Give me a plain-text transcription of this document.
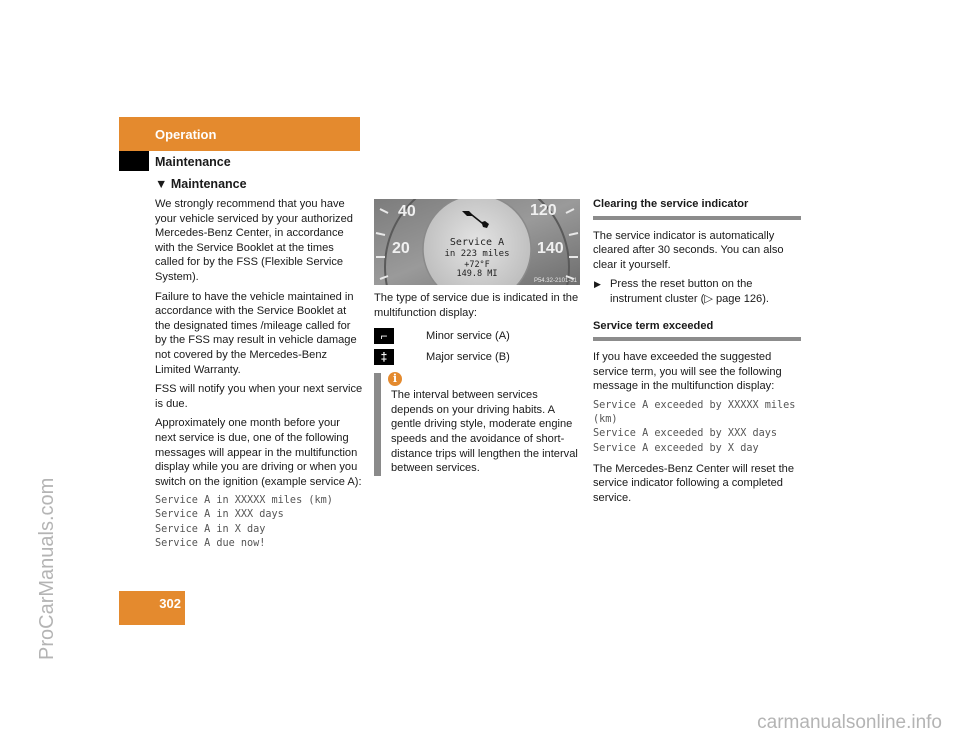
ProCarManuals.com
carmanualsonline.info
Operation
Maintenance
▼ Maintenance

We strongly recommend that you have your vehicle serviced by your authorized Mercedes-Benz Center, in accordance with the Service Booklet at the times called for by the FSS (Flexible Service System).

Failure to have the vehicle maintained in accordance with the Service Booklet at the designated times /mileage called for by the FSS may result in vehicle damage not covered by the Mercedes-Benz Limited Warranty.

FSS will notify you when your next service is due.

Approximately one month before your next service is due, one of the following messages will appear in the multifunction display while you are driving or when you switch on the ignition (example service A):

Service A in XXXXX miles (km)
Service A in XXX days
Service A in X day
Service A due now!
40	120
20	140
Service A
in 223 miles
+72°F
149.8 MI
P54.32-2101-31

The type of service due is indicated in the multifunction display:

⌐	Minor service (A)
‡	Major service (B)
i
The interval between services depends on your driving habits. A gentle driving style, moderate engine speeds and the avoidance of short-distance trips will lengthen the interval between services.
Clearing the service indicator

The service indicator is automatically cleared after 30 seconds. You can also clear it yourself.

▶ Press the reset button on the instrument cluster (▷ page 126).
Service term exceeded

If you have exceeded the suggested service term, you will see the following message in the multifunction display:

Service A exceeded by XXXXX miles (km)
Service A exceeded by XXX days
Service A exceeded by X day

The Mercedes-Benz Center will reset the service indicator following a completed service.

302
